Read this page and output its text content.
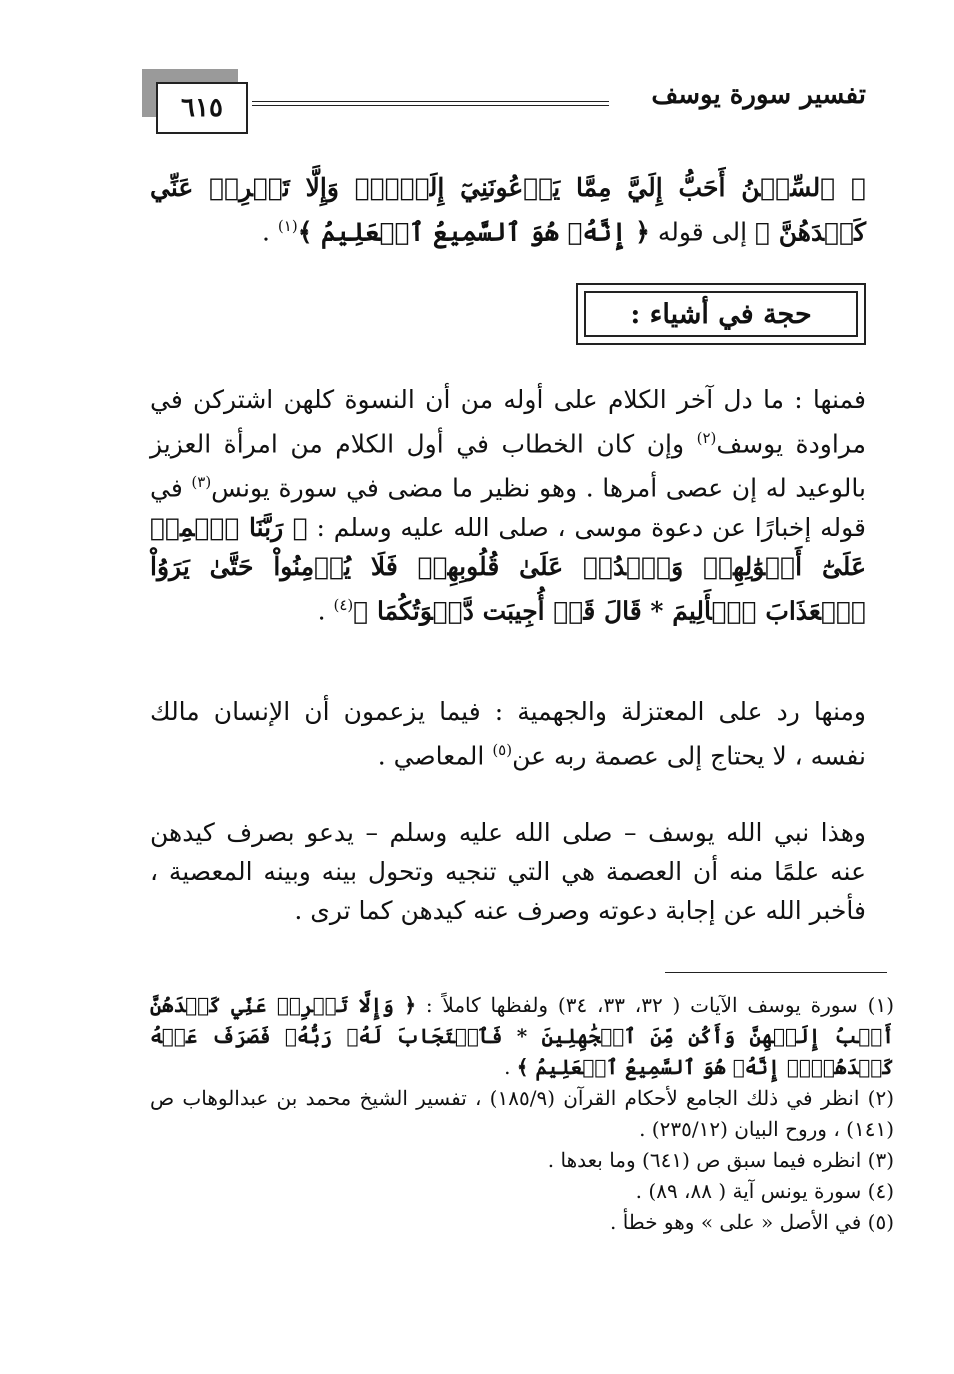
تفسير سورة يوسف
٦١٥
﴿ ٱلسِّجۡنُ أَحَبُّ إِلَيَّ مِمَّا يَدۡعُونَنِيٓ إِلَيۡهِۖ وَإِلَّا تَصۡرِفۡ عَنِّي كَيۡدَهُنَّ ﴾ إلى قوله ﴿ إِنَّهُۥ هُوَ ٱلسَّمِيعُ ٱلۡعَلِيمُ ﴾$^{(١)}$ .
حجة في أشياء :
فمنها : ما دل آخر الكلام على أوله من أن النسوة كلهن اشتركن في مراودة يوسف$^{(٢)}$ وإن كان الخطاب في أول الكلام من امرأة العزيز بالوعيد له إن عصى أمرها . وهو نظير ما مضى في سورة يونس$^{(٣)}$ في قوله إخبارًا عن دعوة موسى ، صلى الله عليه وسلم : ﴿ رَبَّنَا ٱطۡمِسۡ عَلَىٰٓ أَمۡوَٰلِهِمۡ وَٱشۡدُدۡ عَلَىٰ قُلُوبِهِمۡ فَلَا يُؤۡمِنُواْ حَتَّىٰ يَرَوُاْ ٱلۡعَذَابَ ٱلۡأَلِيمَ * قَالَ قَدۡ أُجِيبَت دَّعۡوَتُكُمَا ﴾$^{(٤)}$ .
ومنها رد على المعتزلة والجهمية : فيما يزعمون أن الإنسان مالك نفسه ، لا يحتاج إلى عصمة ربه عن$^{(٥)}$ المعاصي .
وهذا نبي الله يوسف – صلى الله عليه وسلم – يدعو بصرف كيدهن عنه علمًا منه أن العصمة هي التي تنجيه وتحول بينه وبينه المعصية ، فأخبر الله عن إجابة دعوته وصرف عنه كيدهن كما ترى .

(١) سورة يوسف الآيات ( ٣٢، ٣٣، ٣٤) ولفظها كاملاً : ﴿ وَإِلَّا تَصۡرِفۡ عَنِّي كَيۡدَهُنَّ أَصۡبُ إِلَيۡهِنَّ وَأَكُن مِّنَ ٱلۡجَٰهِلِينَ * فَٱسۡتَجَابَ لَهُۥ رَبُّهُۥ فَصَرَفَ عَنۡهُ كَيۡدَهُنَّۚ إِنَّهُۥ هُوَ ٱلسَّمِيعُ ٱلۡعَلِيمُ ﴾ .

(٢) انظر في ذلك الجامع لأحكام القرآن (١٨٥/٩) ، تفسير الشيخ محمد بن عبدالوهاب ص (١٤١) ، وروح البيان (٢٣٥/١٢) .

(٣) انظره فيما سبق ص (٦٤١) وما بعدها .

(٤) سورة يونس آية ( ٨٨، ٨٩) .

(٥) في الأصل « على » وهو خطأ .
